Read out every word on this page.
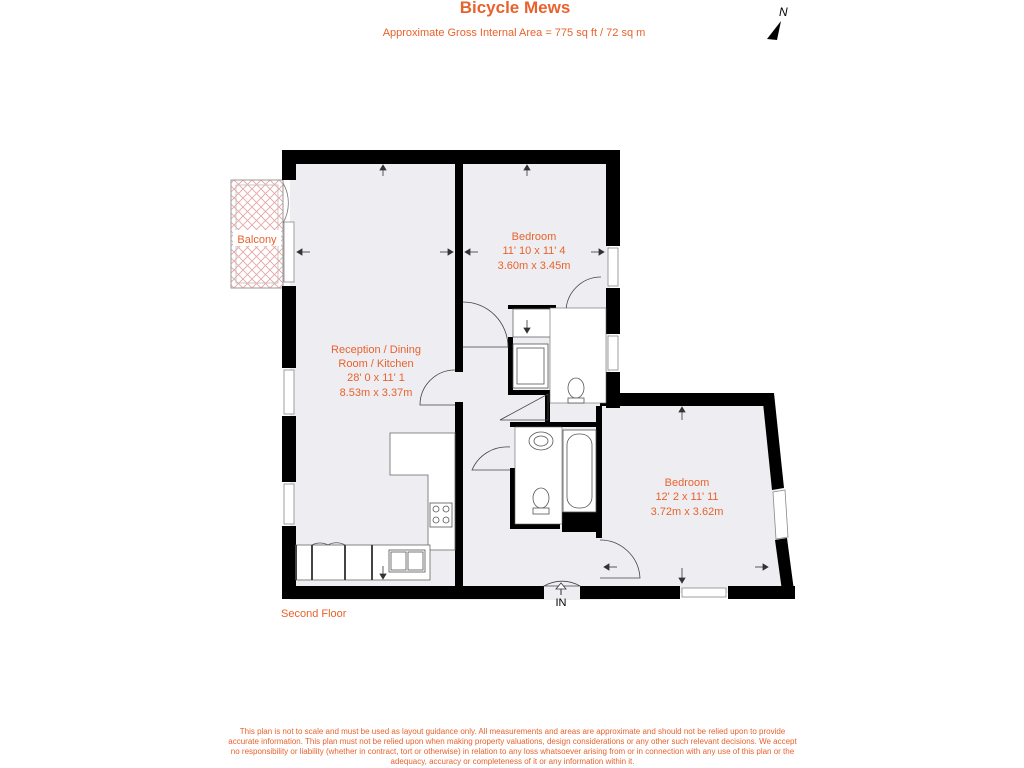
Bicycle Mews
Approximate Gross Internal Area = 775 sq ft / 72 sq m
N
Balcony
Reception / Dining
Room / Kitchen
28' 0 x 11' 1
8.53m x 3.37m
Bedroom
11' 10 x 11' 4
3.60m x 3.45m
Bedroom
12' 2 x 11' 11
3.72m x 3.62m
IN
Second Floor
This plan is not to scale and must be used as layout guidance only. All measurements and areas are approximate and should not be relied upon to provide accurate information. This plan must not be relied upon when making property valuations, design considerations or any other such relevant decisions. We accept no responsibility or liability (whether in contract, tort or otherwise) in relation to any loss whatsoever arising from or in connection with any use of this plan or the adequacy, accuracy or completeness of it or any information within it.
